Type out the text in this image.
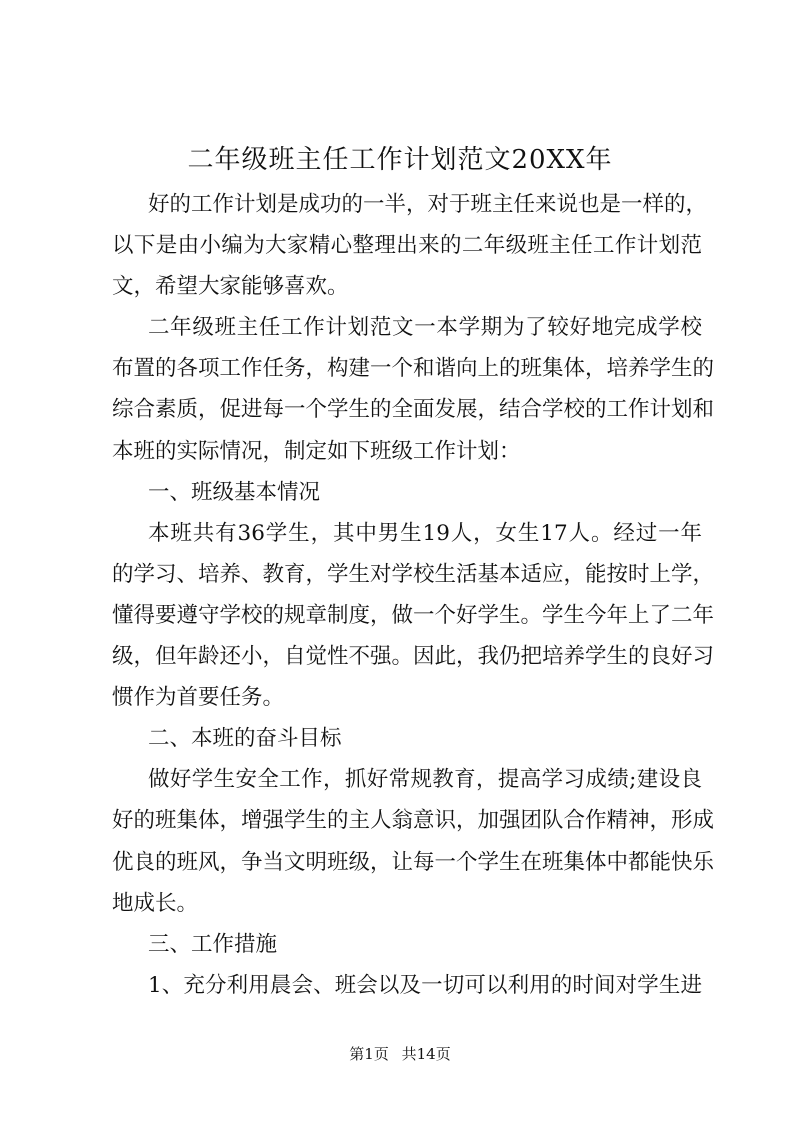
二年级班主任工作计划范文20XX年

好的工作计划是成功的一半，对于班主任来说也是一样的，

以下是由小编为大家精心整理出来的二年级班主任工作计划范

文，希望大家能够喜欢。

二年级班主任工作计划范文一本学期为了较好地完成学校

布置的各项工作任务，构建一个和谐向上的班集体，培养学生的

综合素质，促进每一个学生的全面发展，结合学校的工作计划和

本班的实际情况，制定如下班级工作计划：

一、班级基本情况

本班共有36学生，其中男生19人，女生17人。经过一年

的学习、培养、教育，学生对学校生活基本适应，能按时上学，

懂得要遵守学校的规章制度，做一个好学生。学生今年上了二年

级，但年龄还小，自觉性不强。因此，我仍把培养学生的良好习

惯作为首要任务。

二、本班的奋斗目标

做好学生安全工作，抓好常规教育，提高学习成绩;建设良

好的班集体，增强学生的主人翁意识，加强团队合作精神，形成

优良的班风，争当文明班级，让每一个学生在班集体中都能快乐

地成长。

三、工作措施

1、充分利用晨会、班会以及一切可以利用的时间对学生进

第1页 共14页
